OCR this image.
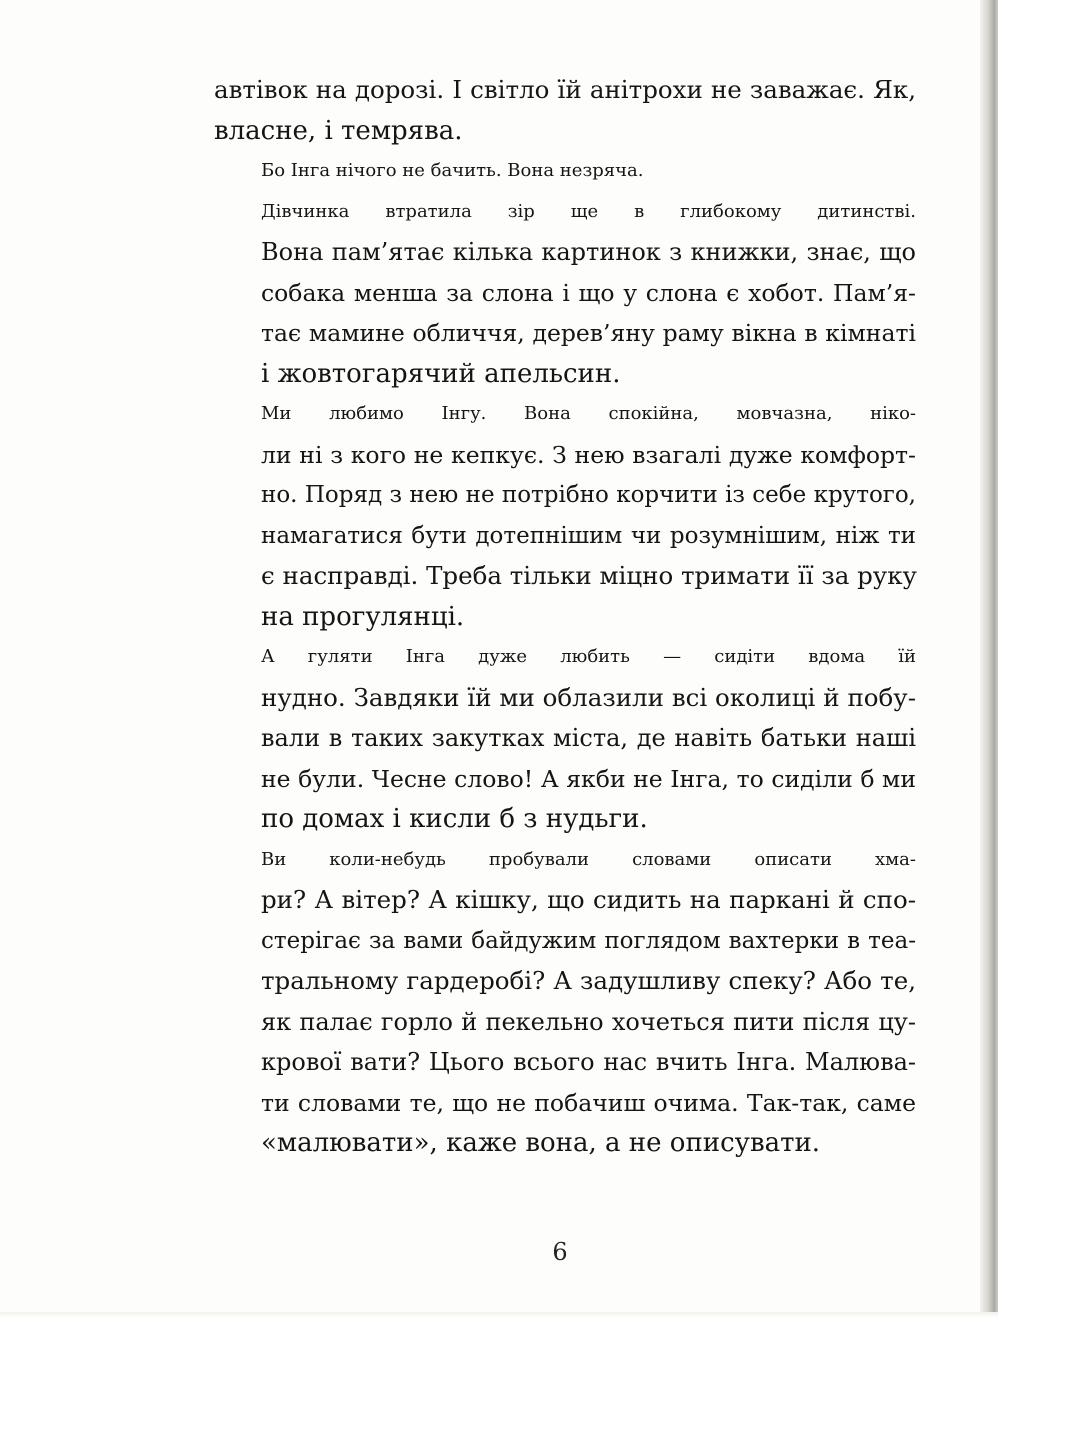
автівок на дорозі. І світло їй анітрохи не заважає. Як,
власне, і темрява.

Бо Інга нічого не бачить. Вона незряча.

Дівчинка втратила зір ще в глибокому дитинстві.
Вона пам’ятає кілька картинок з книжки, знає, що
собака менша за слона і що у слона є хобот. Пам’я-
тає мамине обличчя, дерев’яну раму вікна в кімнаті
і жовтогарячий апельсин.

Ми любимо Інгу. Вона спокійна, мовчазна, ніко-
ли ні з кого не кепкує. З нею взагалі дуже комфорт-
но. Поряд з нею не потрібно корчити із себе крутого,
намагатися бути дотепнішим чи розумнішим, ніж ти
є насправді. Треба тільки міцно тримати її за руку
на прогулянці.

А гуляти Інга дуже любить — сидіти вдома їй
нудно. Завдяки їй ми облазили всі околиці й побу-
вали в таких закутках міста, де навіть батьки наші
не були. Чесне слово! А якби не Інга, то сиділи б ми
по домах і кисли б з нудьги.

Ви коли-небудь пробували словами описати хма-
ри? А вітер? А кішку, що сидить на паркані й спо-
стерігає за вами байдужим поглядом вахтерки в теа-
тральному гардеробі? А задушливу спеку? Або те,
як палає горло й пекельно хочеться пити після цу-
крової вати? Цього всього нас вчить Інга. Малюва-
ти словами те, що не побачиш очима. Так-так, саме
«малювати», каже вона, а не описувати.

6
